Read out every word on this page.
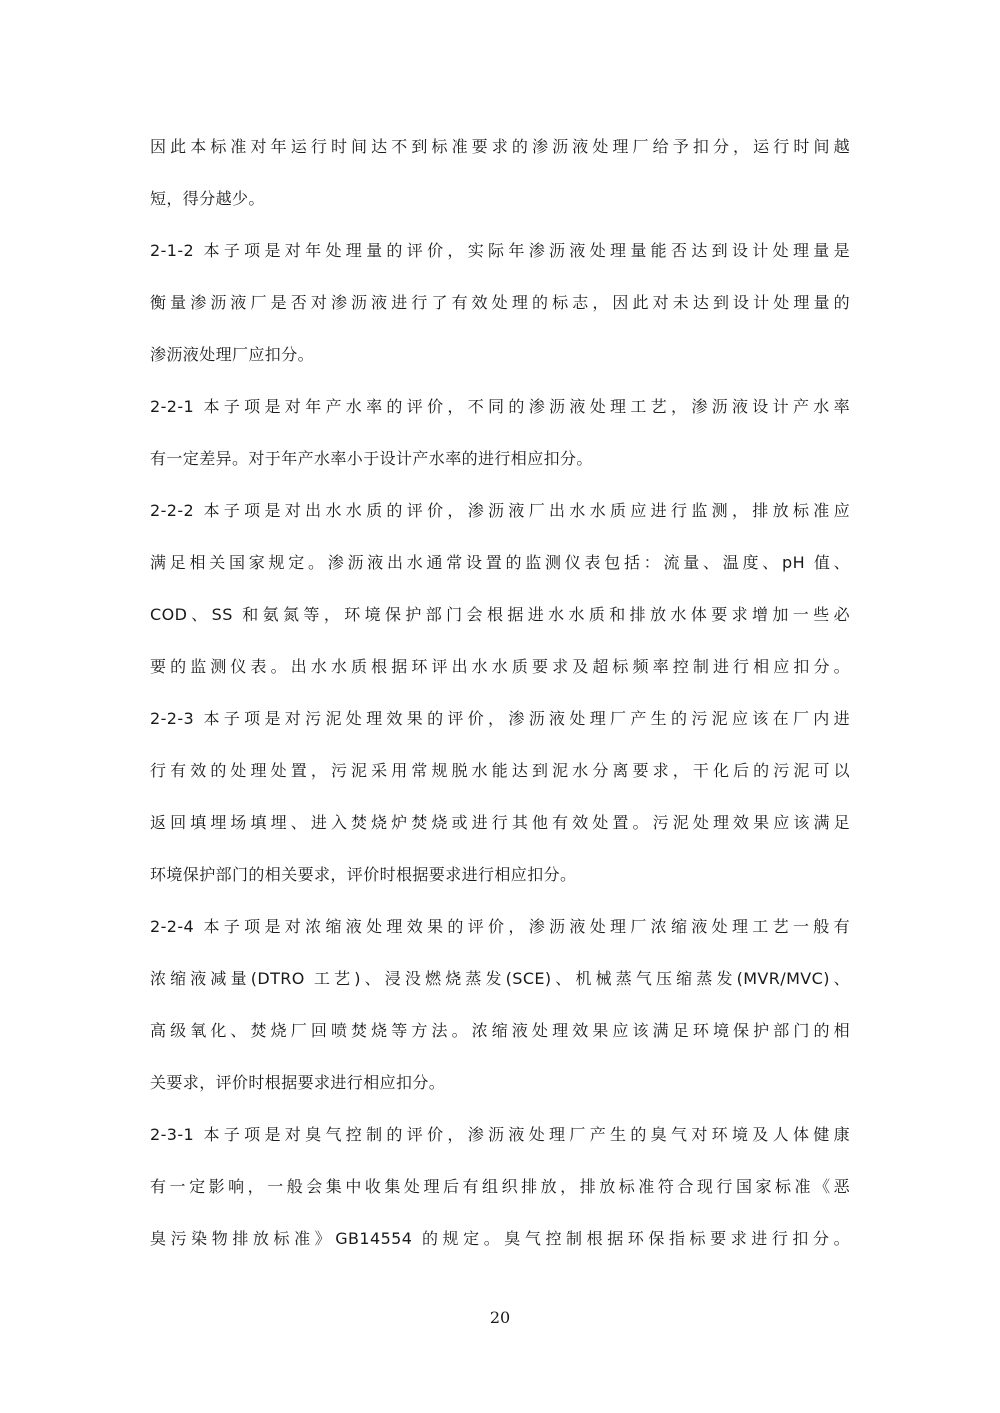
因此本标准对年运行时间达不到标准要求的渗沥液处理厂给予扣分，运行时间越
短，得分越少。
2-1-2 本子项是对年处理量的评价，实际年渗沥液处理量能否达到设计处理量是
衡量渗沥液厂是否对渗沥液进行了有效处理的标志，因此对未达到设计处理量的
渗沥液处理厂应扣分。
2-2-1 本子项是对年产水率的评价，不同的渗沥液处理工艺，渗沥液设计产水率
有一定差异。对于年产水率小于设计产水率的进行相应扣分。
2-2-2 本子项是对出水水质的评价，渗沥液厂出水水质应进行监测，排放标准应
满足相关国家规定。渗沥液出水通常设置的监测仪表包括：流量、温度、pH 值、
COD、SS 和氨氮等，环境保护部门会根据进水水质和排放水体要求增加一些必
要的监测仪表。出水水质根据环评出水水质要求及超标频率控制进行相应扣分。
2-2-3 本子项是对污泥处理效果的评价，渗沥液处理厂产生的污泥应该在厂内进
行有效的处理处置，污泥采用常规脱水能达到泥水分离要求，干化后的污泥可以
返回填埋场填埋、进入焚烧炉焚烧或进行其他有效处置。污泥处理效果应该满足
环境保护部门的相关要求，评价时根据要求进行相应扣分。
2-2-4 本子项是对浓缩液处理效果的评价，渗沥液处理厂浓缩液处理工艺一般有
浓缩液减量(DTRO 工艺)、浸没燃烧蒸发(SCE)、机械蒸气压缩蒸发(MVR/MVC)、
高级氧化、焚烧厂回喷焚烧等方法。浓缩液处理效果应该满足环境保护部门的相
关要求，评价时根据要求进行相应扣分。
2-3-1 本子项是对臭气控制的评价，渗沥液处理厂产生的臭气对环境及人体健康
有一定影响，一般会集中收集处理后有组织排放，排放标准符合现行国家标准《恶
臭污染物排放标准》GB14554 的规定。臭气控制根据环保指标要求进行扣分。
20
